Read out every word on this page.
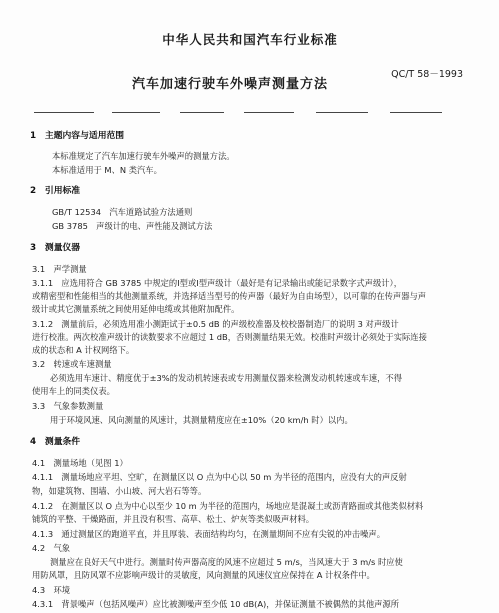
中华人民共和国汽车行业标准
QC/T 58－1993
汽车加速行驶车外噪声测量方法
1　主题内容与适用范围
本标准规定了汽车加速行驶车外噪声的测量方法。
本标准适用于 M、N 类汽车。
2　引用标准
GB/T 12534　汽车道路试验方法通则
GB 3785　声级计的电、声性能及测试方法
3　测量仪器
3.1　声学测量
3.1.1　应选用符合 GB 3785 中规定的Ⅰ型或Ⅰ型声级计（最好是有记录输出或能记录数字式声级计），
或精密型和性能相当的其他测量系统，并选择适当型号的传声器（最好为自由场型），以可靠的在传声器与声
级计或其它测量系统之间使用延伸电缆或其他附加配件。
3.1.2　测量前后，必须选用准小测距试于±0.5 dB 的声级校准器及校校器制造厂的说明 3 对声级计
进行校准。两次校准声级计的读数要求不应超过 1 dB，否则测量结果无效。校准时声级计必须处于实际连接
成的状态和 A 计权网络下。
3.2　转速或车速测量
必须选用车速计、精度优于±3%的发动机转速表或专用测量仪器来检测发动机转速或车速，不得
使用车上的同类仪表。
3.3　气象参数测量
用于环境风速、风向测量的风速计，其测量精度应在±10%（20 km/h 时）以内。
4　测量条件
4.1　测量场地（见图 1）
4.1.1　测量场地应平坦、空旷，在测量区以 O 点为中心以 50 m 为半径的范围内，应没有大的声反射
物，如建筑物、围墙、小山坡、河大岩石等等。
4.1.2　在测量区以 O 点为中心以至少 10 m 为半径的范围内，场地应是混凝土或沥青路面或其他类似材料
铺筑的平整、干燥路面，并且没有积雪、高草、松土、炉灰等类似吸声材料。
4.1.3　通过测量区的跑道平直，并且厚装、表面结构均匀，在测量期间不应有尖锐的冲击噪声。
4.2　气象
测量应在良好天气中进行。测量时传声器高度的风速不应超过 5 m/s，当风速大于 3 m/s 时应使
用防风罩，且防风罩不应影响声级计的灵敏度，风向测量的风速仪宜应保持在 A 计权条件中。
4.3　环境
4.3.1　背景噪声（包括风噪声）应比被测噪声至少低 10 dB(A)，并保证测量不被偶然的其他声源所
